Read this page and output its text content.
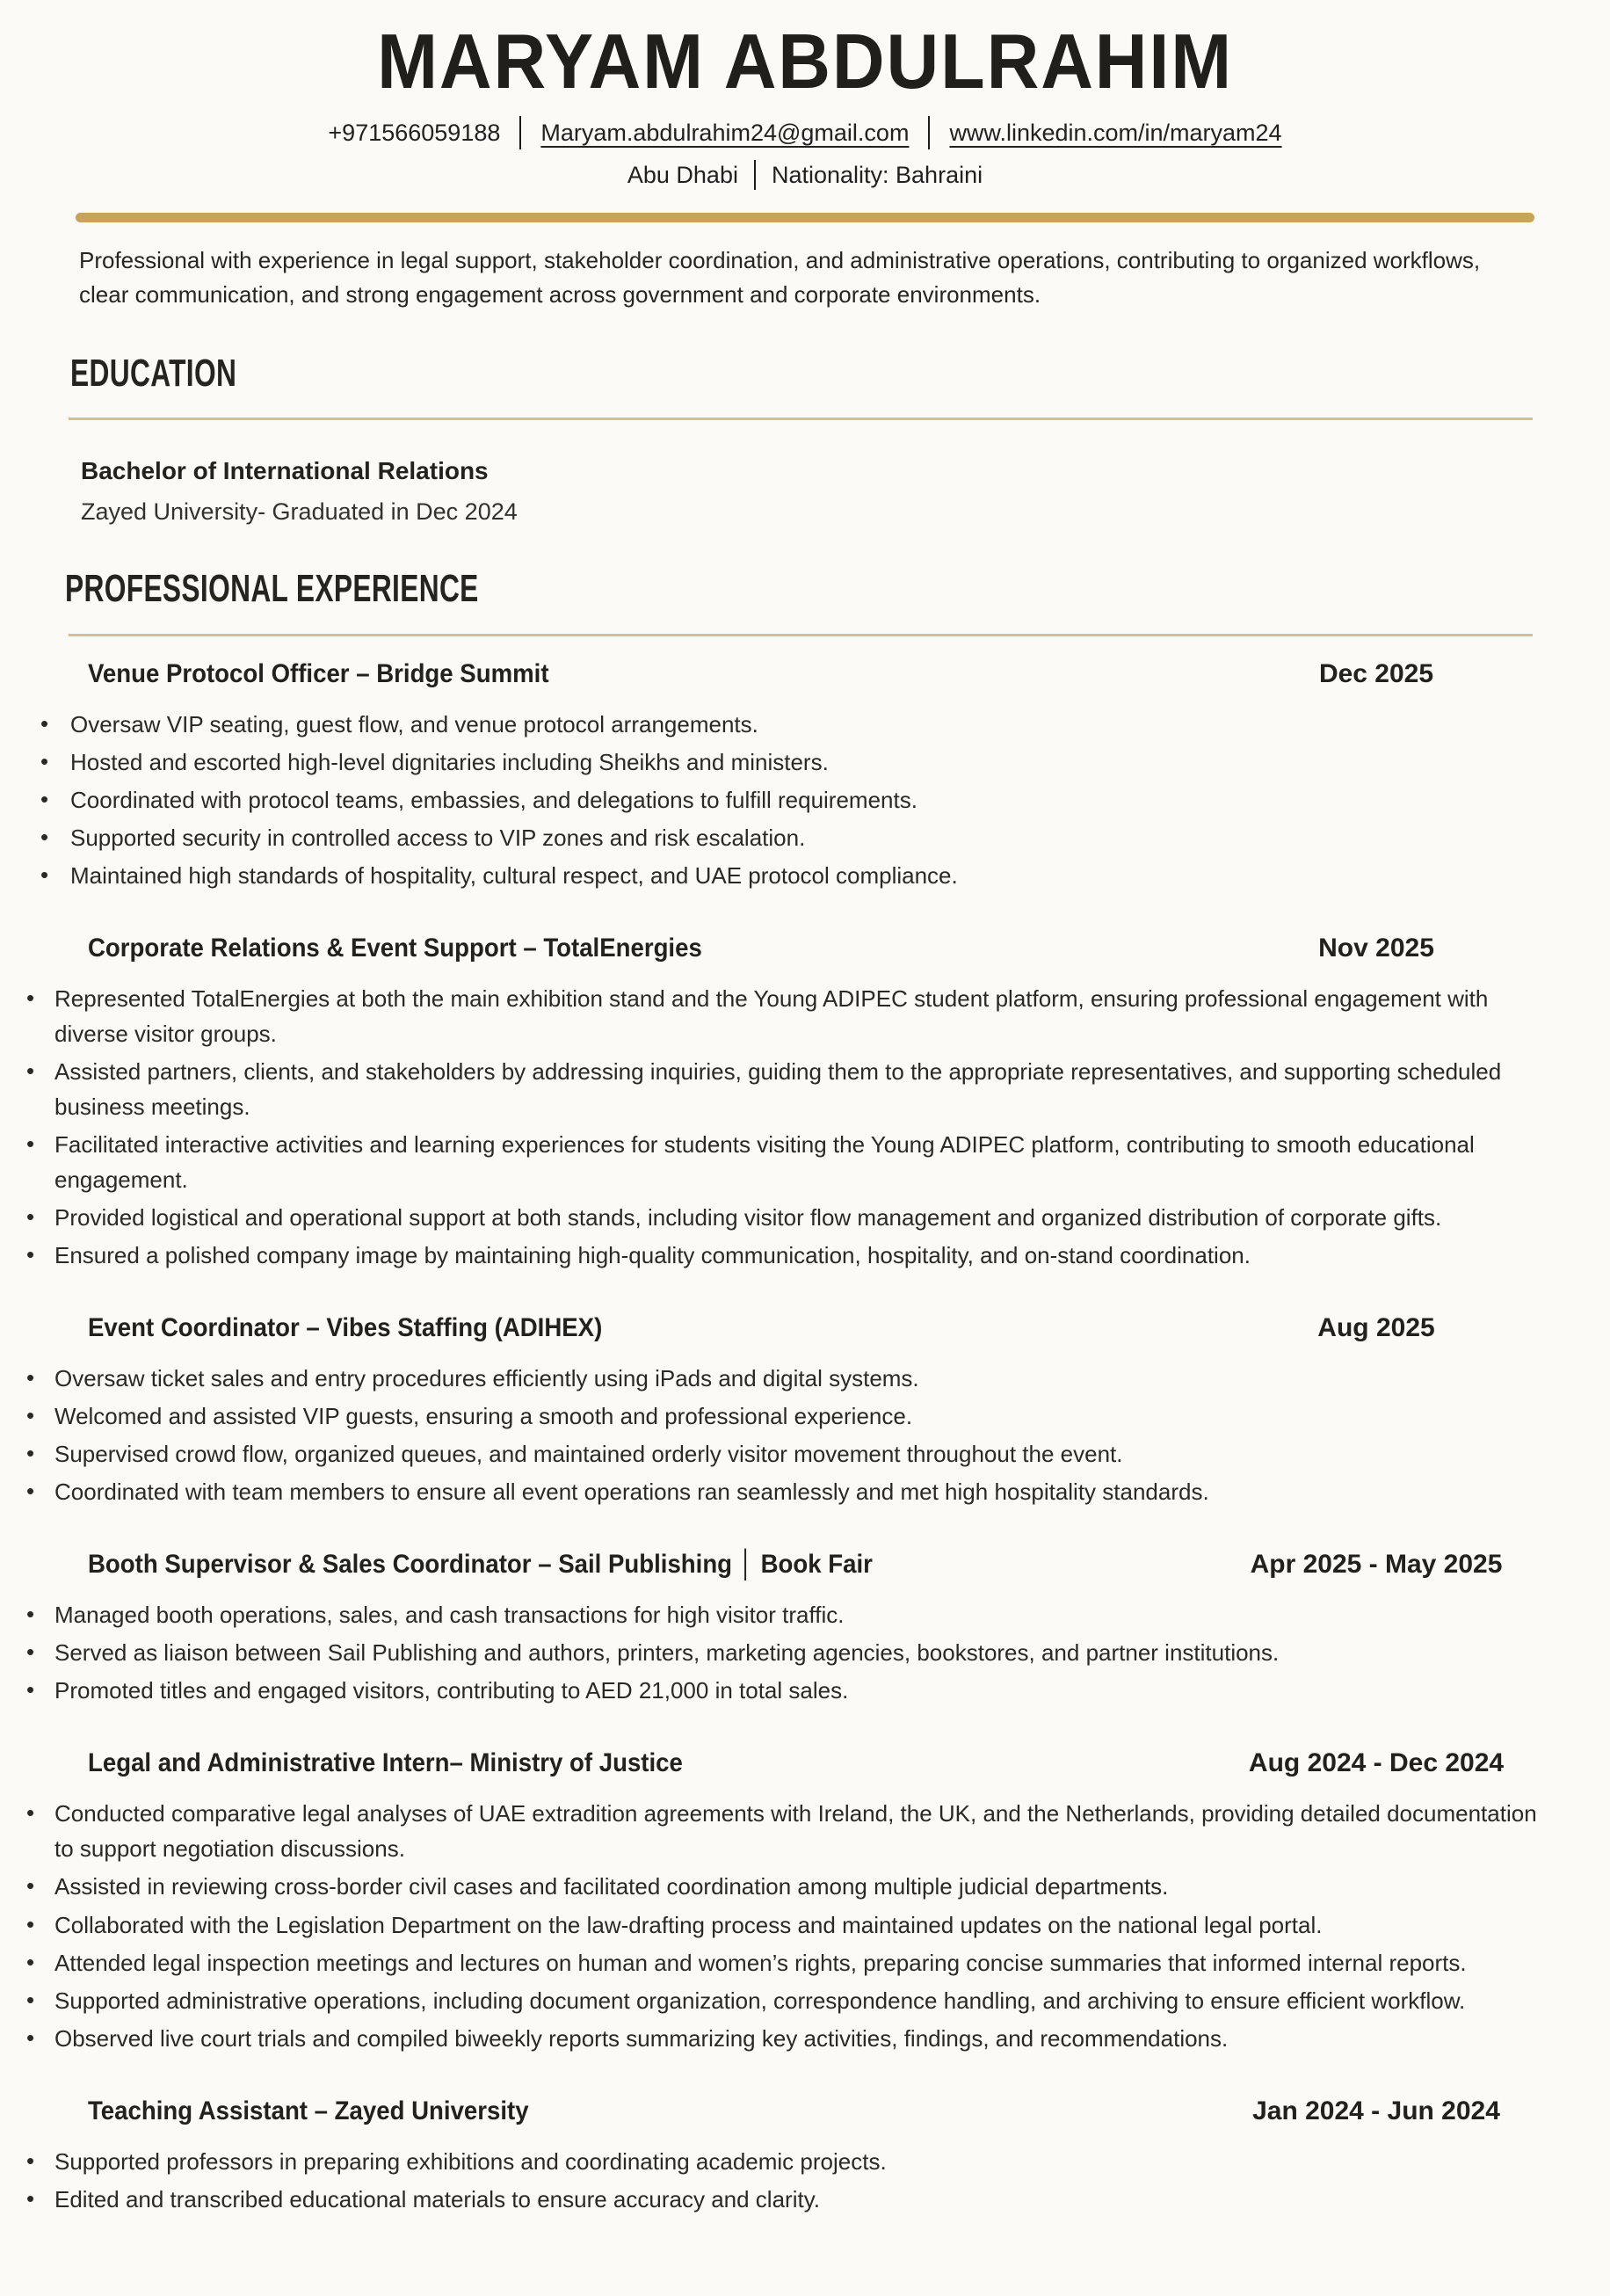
MARYAM ABDULRAHIM
+971566059188 Maryam.abdulrahim24@gmail.com www.linkedin.com/in/maryam24
Abu Dhabi Nationality: Bahraini

Professional with experience in legal support, stakeholder coordination, and administrative operations, contributing to organized workflows, clear communication, and strong engagement across government and corporate environments.

EDUCATION
Bachelor of International Relations
Zayed University- Graduated in Dec 2024
PROFESSIONAL EXPERIENCE
Venue Protocol Officer – Bridge Summit	Dec 2025
• Oversaw VIP seating, guest flow, and venue protocol arrangements.
• Hosted and escorted high-level dignitaries including Sheikhs and ministers.
• Coordinated with protocol teams, embassies, and delegations to fulfill requirements.
• Supported security in controlled access to VIP zones and risk escalation.
• Maintained high standards of hospitality, cultural respect, and UAE protocol compliance.
Corporate Relations & Event Support – TotalEnergies	Nov 2025
• Represented TotalEnergies at both the main exhibition stand and the Young ADIPEC student platform, ensuring professional engagement with diverse visitor groups.
• Assisted partners, clients, and stakeholders by addressing inquiries, guiding them to the appropriate representatives, and supporting scheduled business meetings.
• Facilitated interactive activities and learning experiences for students visiting the Young ADIPEC platform, contributing to smooth educational engagement.
• Provided logistical and operational support at both stands, including visitor flow management and organized distribution of corporate gifts.
• Ensured a polished company image by maintaining high-quality communication, hospitality, and on-stand coordination.
Event Coordinator – Vibes Staffing (ADIHEX)	Aug 2025
• Oversaw ticket sales and entry procedures efficiently using iPads and digital systems.
• Welcomed and assisted VIP guests, ensuring a smooth and professional experience.
• Supervised crowd flow, organized queues, and maintained orderly visitor movement throughout the event.
• Coordinated with team members to ensure all event operations ran seamlessly and met high hospitality standards.
Booth Supervisor & Sales Coordinator – Sail Publishing │ Book Fair	Apr 2025 - May 2025
• Managed booth operations, sales, and cash transactions for high visitor traffic.
• Served as liaison between Sail Publishing and authors, printers, marketing agencies, bookstores, and partner institutions.
• Promoted titles and engaged visitors, contributing to AED 21,000 in total sales.
Legal and Administrative Intern– Ministry of Justice	Aug 2024 - Dec 2024
• Conducted comparative legal analyses of UAE extradition agreements with Ireland, the UK, and the Netherlands, providing detailed documentation to support negotiation discussions.
• Assisted in reviewing cross-border civil cases and facilitated coordination among multiple judicial departments.
• Collaborated with the Legislation Department on the law-drafting process and maintained updates on the national legal portal.
• Attended legal inspection meetings and lectures on human and women’s rights, preparing concise summaries that informed internal reports.
• Supported administrative operations, including document organization, correspondence handling, and archiving to ensure efficient workflow.
• Observed live court trials and compiled biweekly reports summarizing key activities, findings, and recommendations.
Teaching Assistant – Zayed University	Jan 2024 - Jun 2024
• Supported professors in preparing exhibitions and coordinating academic projects.
• Edited and transcribed educational materials to ensure accuracy and clarity.
